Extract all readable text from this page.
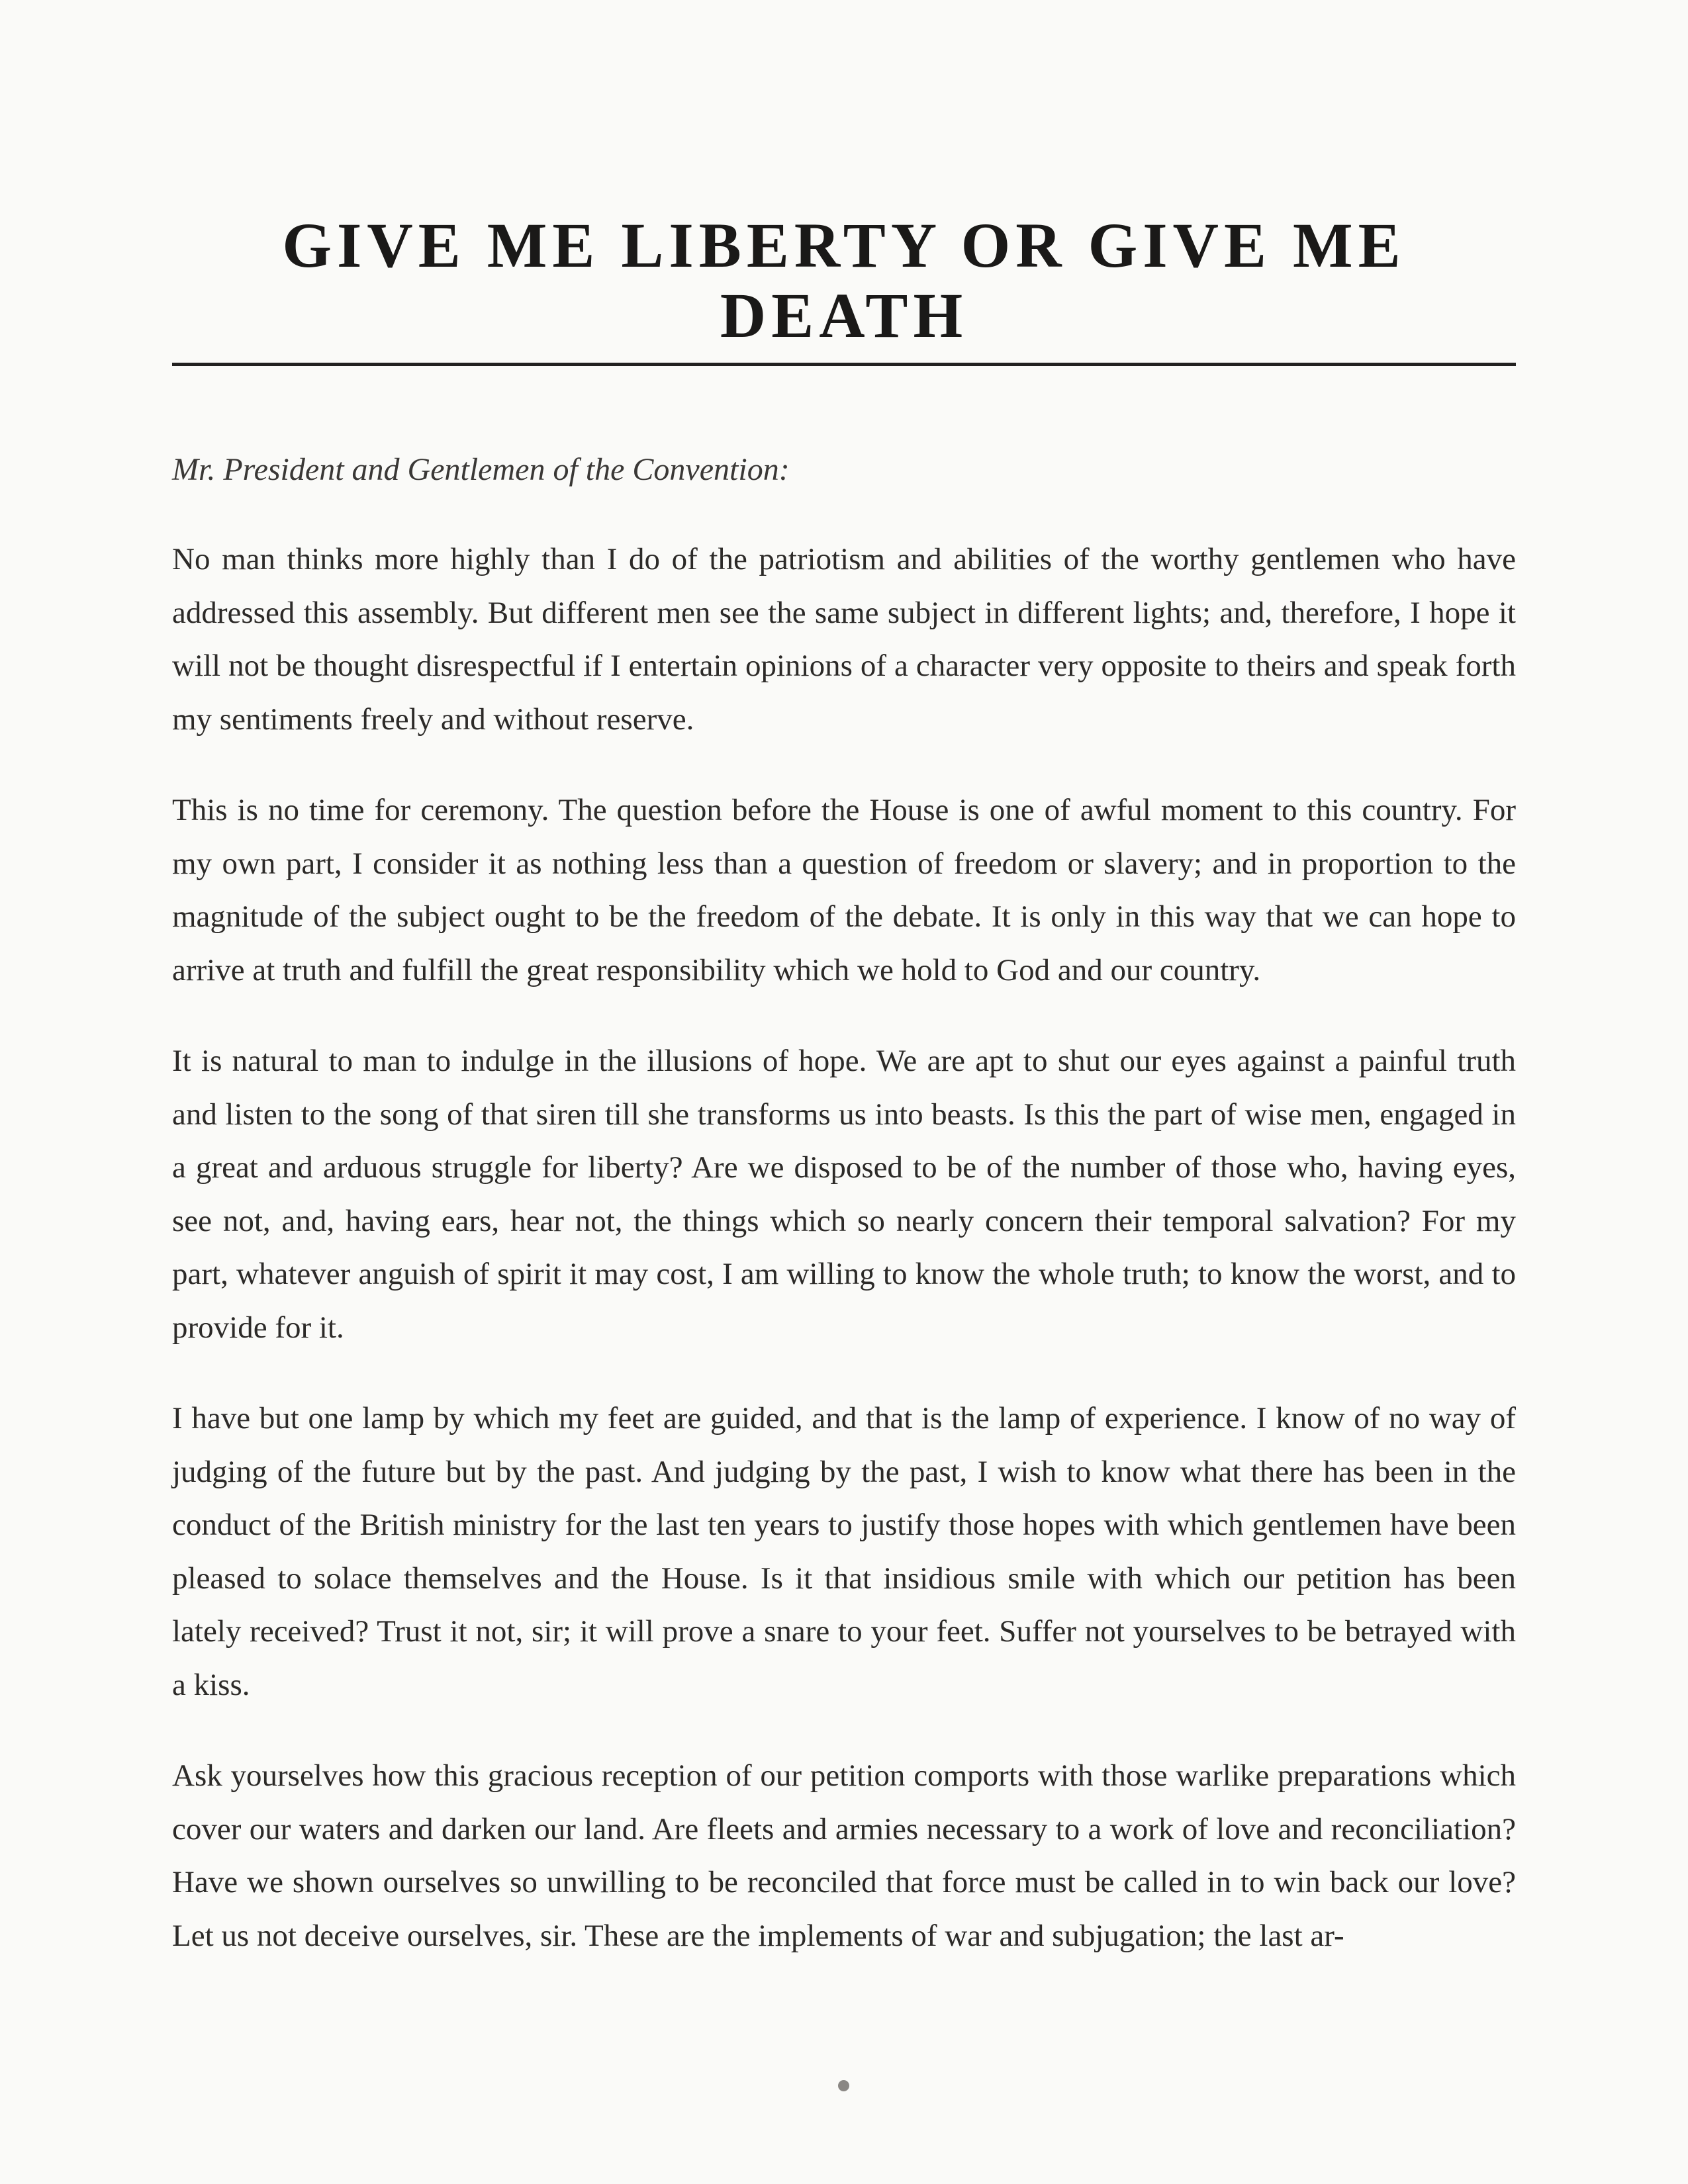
GIVE ME LIBERTY OR GIVE ME DEATH

Mr. President and Gentlemen of the Convention:

No man thinks more highly than I do of the patriotism and abilities of the worthy gentlemen who have addressed this assembly. But different men see the same subject in different lights; and, therefore, I hope it will not be thought disrespectful if I entertain opinions of a character very opposite to theirs and speak forth my sentiments freely and without reserve.

This is no time for ceremony. The question before the House is one of awful moment to this country. For my own part, I consider it as nothing less than a question of freedom or slavery; and in proportion to the magnitude of the subject ought to be the freedom of the debate. It is only in this way that we can hope to arrive at truth and fulfill the great responsibility which we hold to God and our country.

It is natural to man to indulge in the illusions of hope. We are apt to shut our eyes against a painful truth and listen to the song of that siren till she transforms us into beasts. Is this the part of wise men, engaged in a great and arduous struggle for liberty? Are we disposed to be of the number of those who, having eyes, see not, and, having ears, hear not, the things which so nearly concern their temporal salvation? For my part, whatever anguish of spirit it may cost, I am willing to know the whole truth; to know the worst, and to provide for it.

I have but one lamp by which my feet are guided, and that is the lamp of experience. I know of no way of judging of the future but by the past. And judging by the past, I wish to know what there has been in the conduct of the British ministry for the last ten years to justify those hopes with which gentlemen have been pleased to solace themselves and the House. Is it that insidious smile with which our petition has been lately received? Trust it not, sir; it will prove a snare to your feet. Suffer not yourselves to be betrayed with a kiss.

Ask yourselves how this gracious reception of our petition comports with those warlike preparations which cover our waters and darken our land. Are fleets and armies necessary to a work of love and reconciliation? Have we shown ourselves so unwilling to be reconciled that force must be called in to win back our love? Let us not deceive ourselves, sir. These are the implements of war and subjugation; the last ar-
